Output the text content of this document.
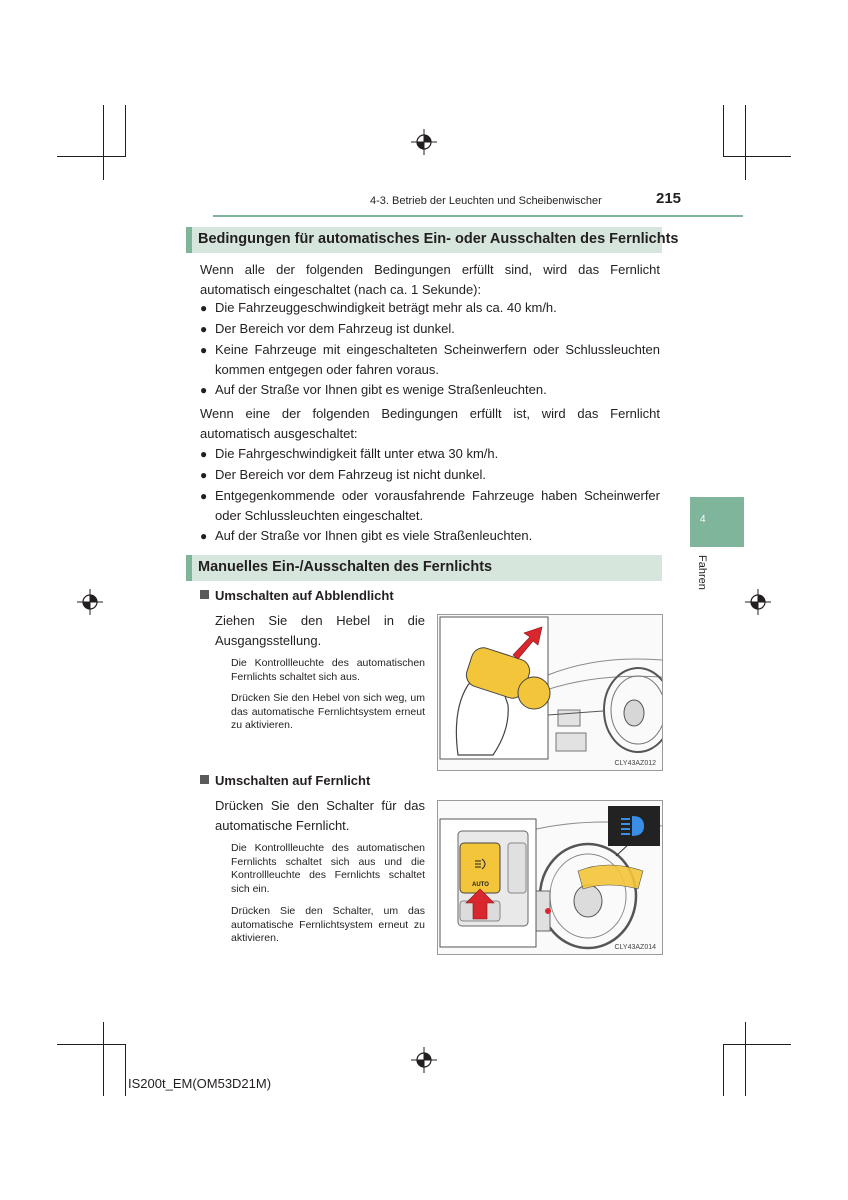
4-3. Betrieb der Leuchten und Scheibenwischer	215
Bedingungen für automatisches Ein- oder Ausschalten des Fernlichts
Wenn alle der folgenden Bedingungen erfüllt sind, wird das Fernlicht automatisch eingeschaltet (nach ca. 1 Sekunde):
● Die Fahrzeuggeschwindigkeit beträgt mehr als ca. 40 km/h.
● Der Bereich vor dem Fahrzeug ist dunkel.
● Keine Fahrzeuge mit eingeschalteten Scheinwerfern oder Schlussleuchten kommen entgegen oder fahren voraus.
● Auf der Straße vor Ihnen gibt es wenige Straßenleuchten.
Wenn eine der folgenden Bedingungen erfüllt ist, wird das Fernlicht automatisch ausgeschaltet:
● Die Fahrgeschwindigkeit fällt unter etwa 30 km/h.
● Der Bereich vor dem Fahrzeug ist nicht dunkel.
● Entgegenkommende oder vorausfahrende Fahrzeuge haben Scheinwerfer oder Schlussleuchten eingeschaltet.
● Auf der Straße vor Ihnen gibt es viele Straßenleuchten.
Manuelles Ein-/Ausschalten des Fernlichts
Umschalten auf Abblendlicht
Ziehen Sie den Hebel in die Ausgangsstellung.
Die Kontrollleuchte des automatischen Fernlichts schaltet sich aus.
Drücken Sie den Hebel von sich weg, um das automatische Fernlichtsystem erneut zu aktivieren.
CLY43AZ012
Umschalten auf Fernlicht
Drücken Sie den Schalter für das automatische Fernlicht.
Die Kontrollleuchte des automatischen Fernlichts schaltet sich aus und die Kontrollleuchte des Fernlichts schaltet sich ein.
Drücken Sie den Schalter, um das automatische Fernlichtsystem erneut zu aktivieren.
AUTO
CLY43AZ014
4
Fahren
IS200t_EM(OM53D21M)
